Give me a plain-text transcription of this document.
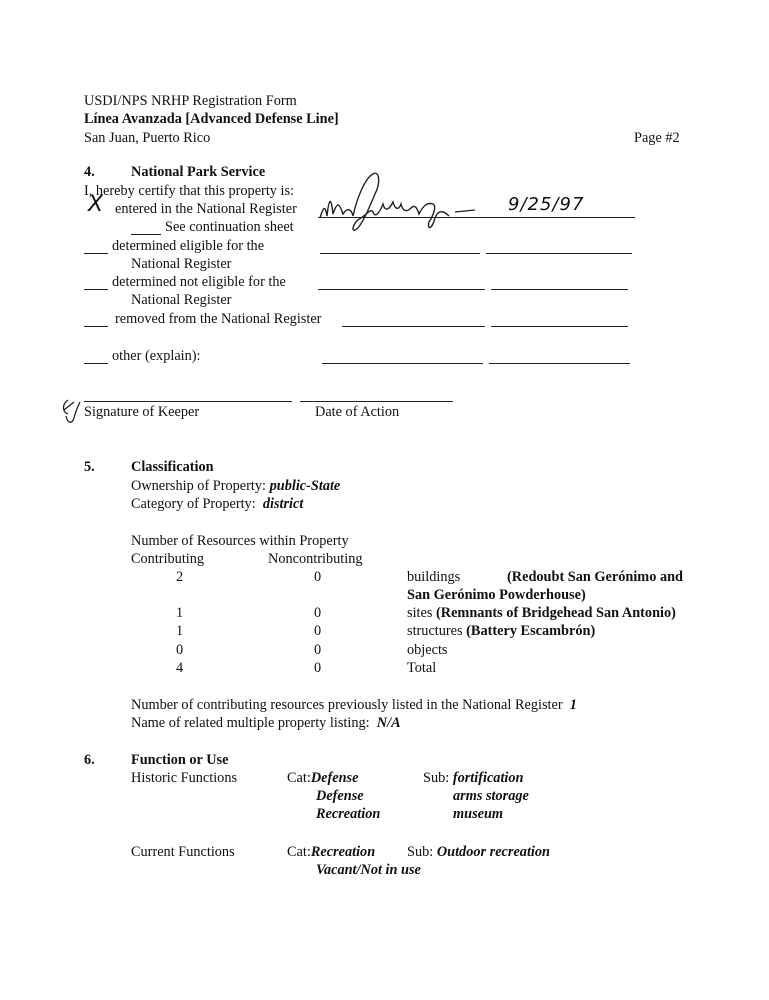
USDI/NPS NRHP Registration Form
Línea Avanzada [Advanced Defense Line]
San Juan, Puerto Rico	Page #2
4.	National Park Service
I, hereby certify that this property is:
X entered in the National Register
See continuation sheet
9/25/97
determined eligible for the
National Register
determined not eligible for the
National Register
removed from the National Register
other (explain):
Signature of Keeper	Date of Action
5.	Classification
Ownership of Property: public-State
Category of Property: district
Number of Resources within Property
Contributing	Noncontributing
2	0	buildings	(Redoubt San Gerónimo and
San Gerónimo Powderhouse)
1	0	sites (Remnants of Bridgehead San Antonio)
1	0	structures (Battery Escambrón)
0	0	objects
4	0	Total
Number of contributing resources previously listed in the National Register 1
Name of related multiple property listing: N/A
6.	Function or Use
Historic Functions	Cat:Defense	Sub: fortification
Defense	arms storage
Recreation	museum
Current Functions	Cat:Recreation Sub: Outdoor recreation
Vacant/Not in use
